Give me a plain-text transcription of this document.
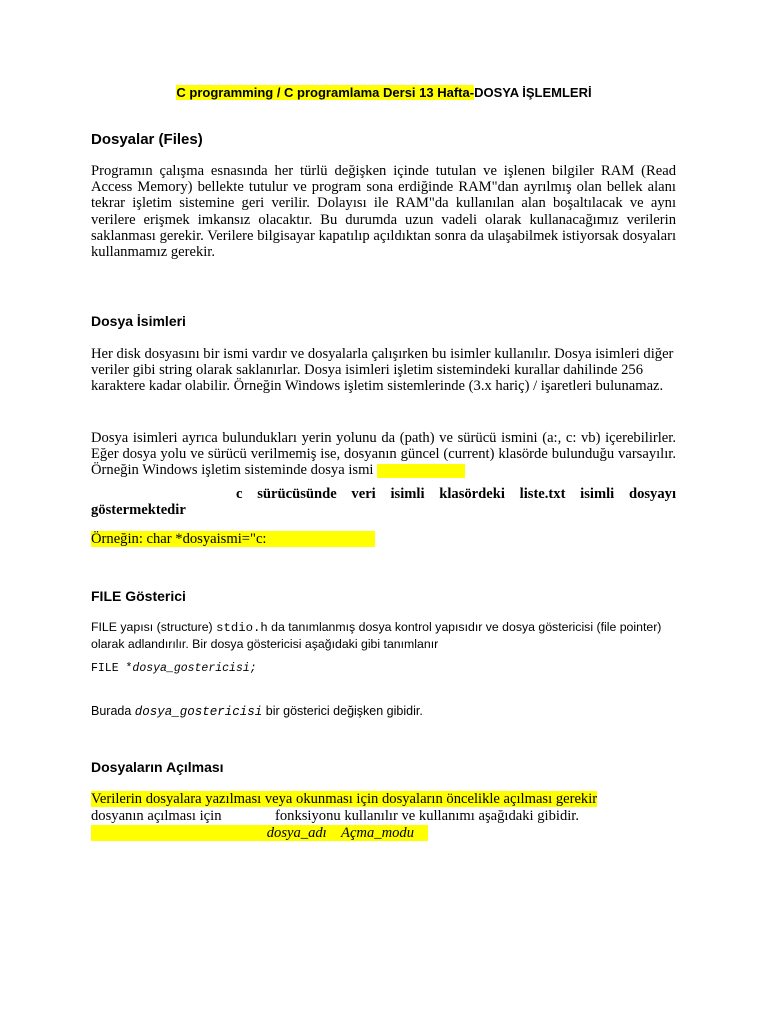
C programming / C programlama Dersi 13 Hafta-DOSYA İŞLEMLERİ
Dosyalar (Files)
Programın çalışma esnasında her türlü değişken içinde tutulan ve işlenen bilgiler RAM (Read Access Memory) bellekte tutulur ve program sona erdiğinde RAM"dan ayrılmış olan bellek alanı tekrar işletim sistemine geri verilir. Dolayısı ile RAM"da kullanılan alan boşaltılacak ve aynı verilere erişmek imkansız olacaktır. Bu durumda uzun vadeli olarak kullanacağımız verilerin saklanması gerekir. Verilere bilgisayar kapatılıp açıldıktan sonra da ulaşabilmek istiyorsak dosyaları kullanmamız gerekir.
Dosya İsimleri
Her disk dosyasını bir ismi vardır ve dosyalarla çalışırken bu isimler kullanılır. Dosya isimleri diğer veriler gibi string olarak saklanırlar. Dosya isimleri işletim sistemindeki kurallar dahilinde 256 karaktere kadar olabilir. Örneğin Windows işletim sistemlerinde (3.x hariç) / işaretleri bulunamaz.
Dosya isimleri ayrıca bulundukları yerin yolunu da (path) ve sürücü ismini (a:, c: vb) içerebilirler. Eğer dosya yolu ve sürücü verilmemiş ise, dosyanın güncel (current) klasörde bulunduğu varsayılır. Örneğin Windows işletim sisteminde dosya ismi
c sürücüsünde veri isimli klasördeki liste.txt isimli dosyayı
göstermektedir
Örneğin: char *dosyaismi="c:
FILE Gösterici
FILE yapısı (structure) stdio.h da tanımlanmış dosya kontrol yapısıdır ve dosya göstericisi (file pointer)
olarak adlandırılır. Bir dosya göstericisi aşağıdaki gibi tanımlanır
FILE *dosya_gostericisi;
Burada dosya_gostericisi bir gösterici değişken gibidir.
Dosyaların Açılması
Verilerin dosyalara yazılması veya okunması için dosyaların öncelikle açılması gerekir
dosyanın açılması için	fonksiyonu kullanılır ve kullanımı aşağıdaki gibidir.
dosya_adı    Açma_modu
